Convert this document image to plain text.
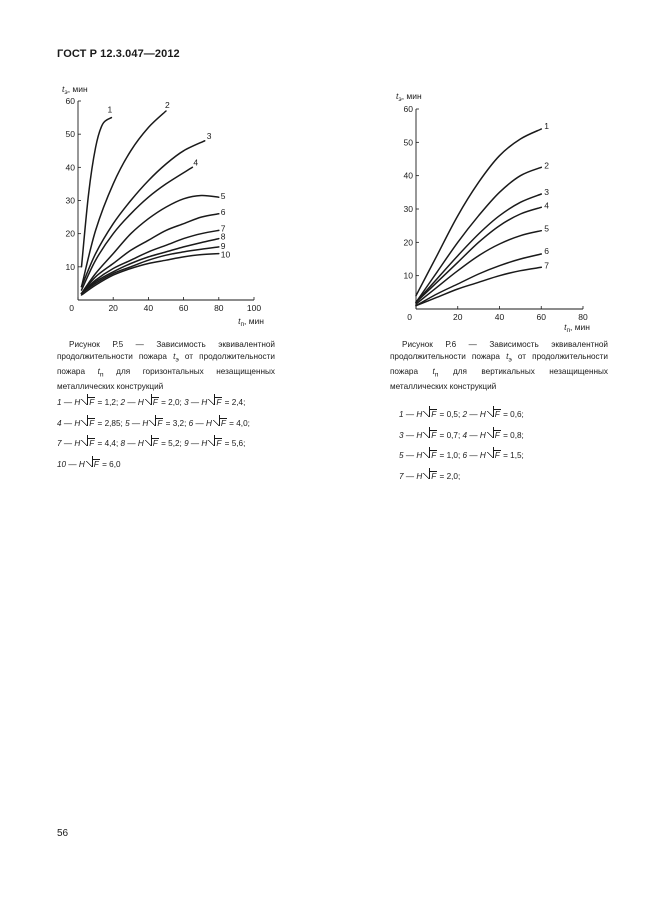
ГОСТ Р 12.3.047—2012
10
20
30
40
50
60
0	20	40	60	80	100
$t_э$, мин
$t_п$, мин
1	2
3
4
5
6
7
8
9
10
10
20
30
40
50
60
0	20	40	60	80
$t_э$, мин
$t_п$, мин
1
2
3
4
5
6
7
Рисунок Р.5 — Зависимость эквивалентной продолжительности пожара $t_э$ от продолжительности пожара $t_п$ для горизонтальных незащищенных металлических конструкций
Рисунок Р.6 — Зависимость эквивалентной продолжительности пожара $t_э$ от продолжительности пожара $t_п$ для вертикальных незащищенных металлических конструкций
1 — H F = 1,2; 2 — H F = 2,0; 3 — H F = 2,4;
4 — H F = 2,85; 5 — H F = 3,2; 6 — H F = 4,0;
7 — H F = 4,4; 8 — H F = 5,2; 9 — H F = 5,6;
10 — H F = 6,0
1 — H F = 0,5; 2 — H F = 0,6;
3 — H F = 0,7; 4 — H F = 0,8;
5 — H F = 1,0; 6 — H F = 1,5;
7 — H F = 2,0;
56
